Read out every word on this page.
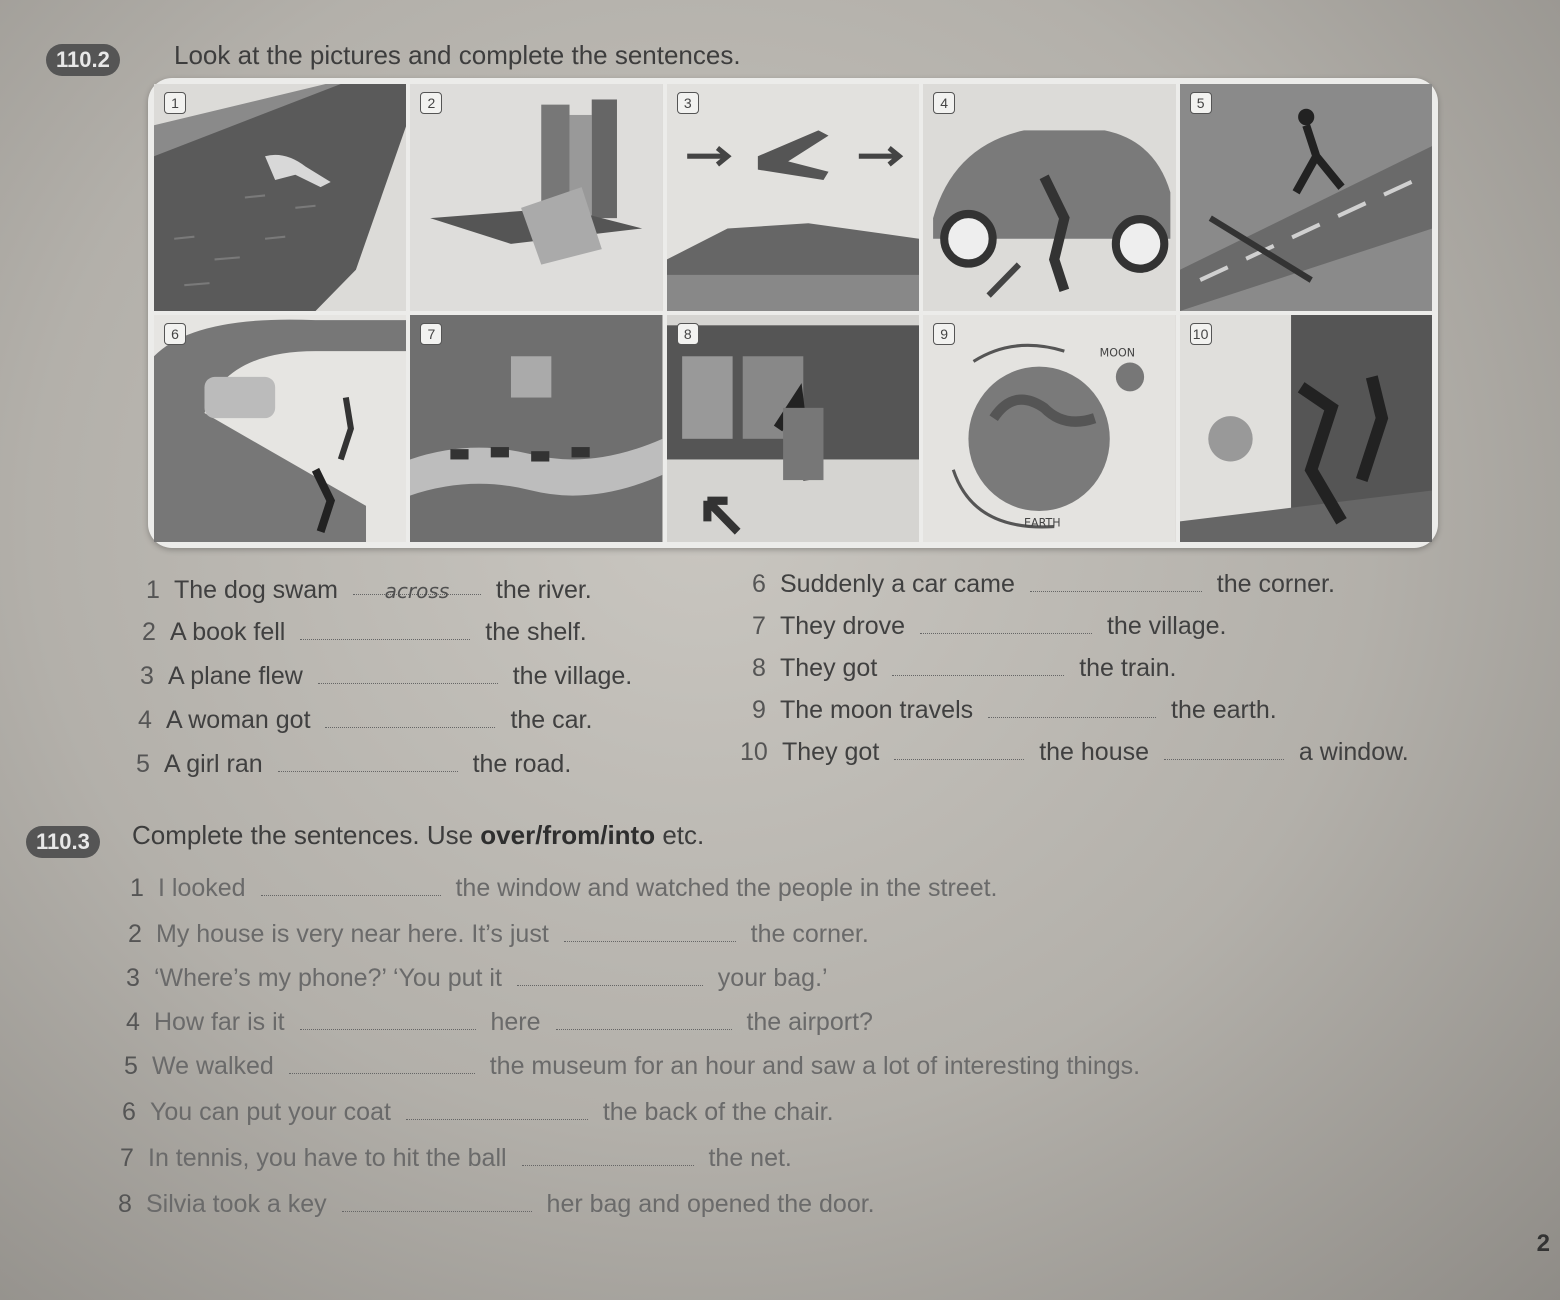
110.2	Look at the pictures and complete the sentences.
1	2	3	4	5
6	7	8
MOON
EARTH
9	10
1 The dog swam across the river.
2 A book fell	the shelf.
3 A plane flew	the village.
4 A woman got	the car.
5 A girl ran	the road.
6 Suddenly a car came	the corner.
7 They drove	the village.
8 They got	the train.
9 The moon travels	the earth.
10 They got	the house	a window.
110.3	Complete the sentences. Use over/from/into etc.
1 I looked	the window and watched the people in the street.
2 My house is very near here. It’s just	the corner.
3 ‘Where’s my phone?’ ‘You put it	your bag.’
4 How far is it	here	the airport?
5 We walked	the museum for an hour and saw a lot of interesting things.
6 You can put your coat	the back of the chair.
7 In tennis, you have to hit the ball	the net.
8 Silvia took a key	her bag and opened the door.
2
